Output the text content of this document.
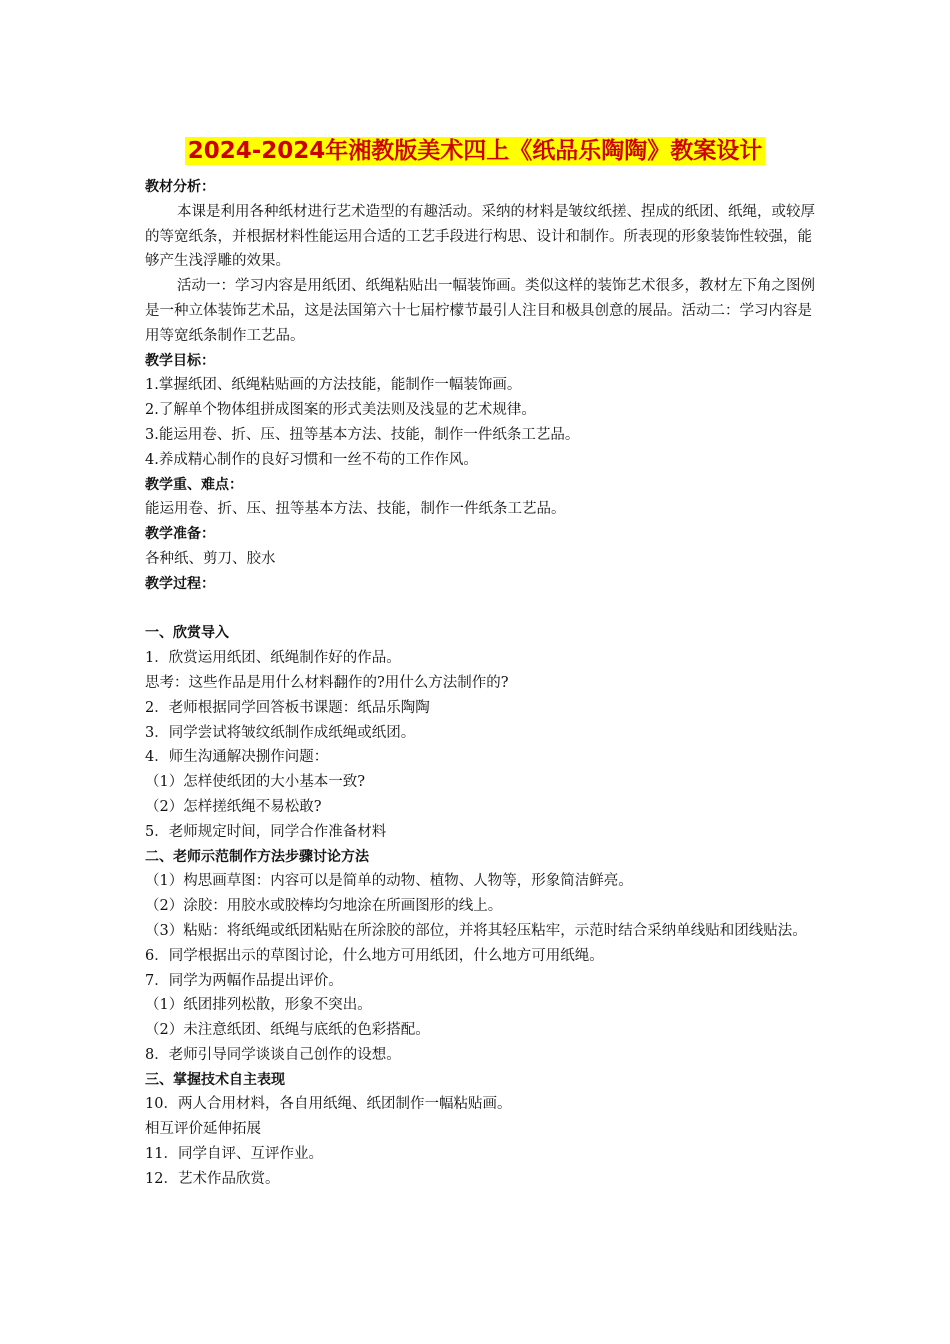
2024-2024年湘教版美术四上《纸品乐陶陶》教案设计

教材分析：

本课是利用各种纸材进行艺术造型的有趣活动。采纳的材料是皱纹纸搓、捏成的纸团、纸绳，或较厚的等宽纸条，并根据材料性能运用合适的工艺手段进行构思、设计和制作。所表现的形象装饰性较强，能够产生浅浮雕的效果。

活动一：学习内容是用纸团、纸绳粘贴出一幅装饰画。类似这样的装饰艺术很多，教材左下角之图例是一种立体装饰艺术品，这是法国第六十七届柠檬节最引人注目和极具创意的展品。活动二：学习内容是用等宽纸条制作工艺品。

教学目标：

1.掌握纸团、纸绳粘贴画的方法技能，能制作一幅装饰画。

2.了解单个物体组拼成图案的形式美法则及浅显的艺术规律。

3.能运用卷、折、压、扭等基本方法、技能，制作一件纸条工艺品。

4.养成精心制作的良好习惯和一丝不苟的工作作风。

教学重、难点：

能运用卷、折、压、扭等基本方法、技能，制作一件纸条工艺品。

教学准备：

各种纸、剪刀、胶水

教学过程：

一、欣赏导入

1．欣赏运用纸团、纸绳制作好的作品。

思考：这些作品是用什么材料翻作的?用什么方法制作的?

2．老师根据同学回答板书课题：纸品乐陶陶

3．同学尝试将皱纹纸制作成纸绳或纸团。

4．师生沟通解决捌作问题：

（1）怎样使纸团的大小基本一致?

（2）怎样搓纸绳不易松敢?

5．老师规定时间，同学合作准备材料

二、老师示范制作方法步骤讨论方法

（1）构思画草图：内容可以是简单的动物、植物、人物等，形象简洁鲜亮。

（2）涂胶：用胶水或胶棒均匀地涂在所画图形的线上。

（3）粘贴：将纸绳或纸团粘贴在所涂胶的部位，并将其轻压粘牢，示范时结合采纳单线贴和团线贴法。

6．同学根据出示的草图讨论，什么地方可用纸团，什么地方可用纸绳。

7．同学为两幅作品提出评价。

（1）纸团排列松散，形象不突出。

（2）未注意纸团、纸绳与底纸的色彩搭配。

8．老师引导同学谈谈自己创作的设想。

三、掌握技术自主表现

10．两人合用材料，各自用纸绳、纸团制作一幅粘贴画。

相互评价延伸拓展

11．同学自评、互评作业。

12．艺术作品欣赏。
